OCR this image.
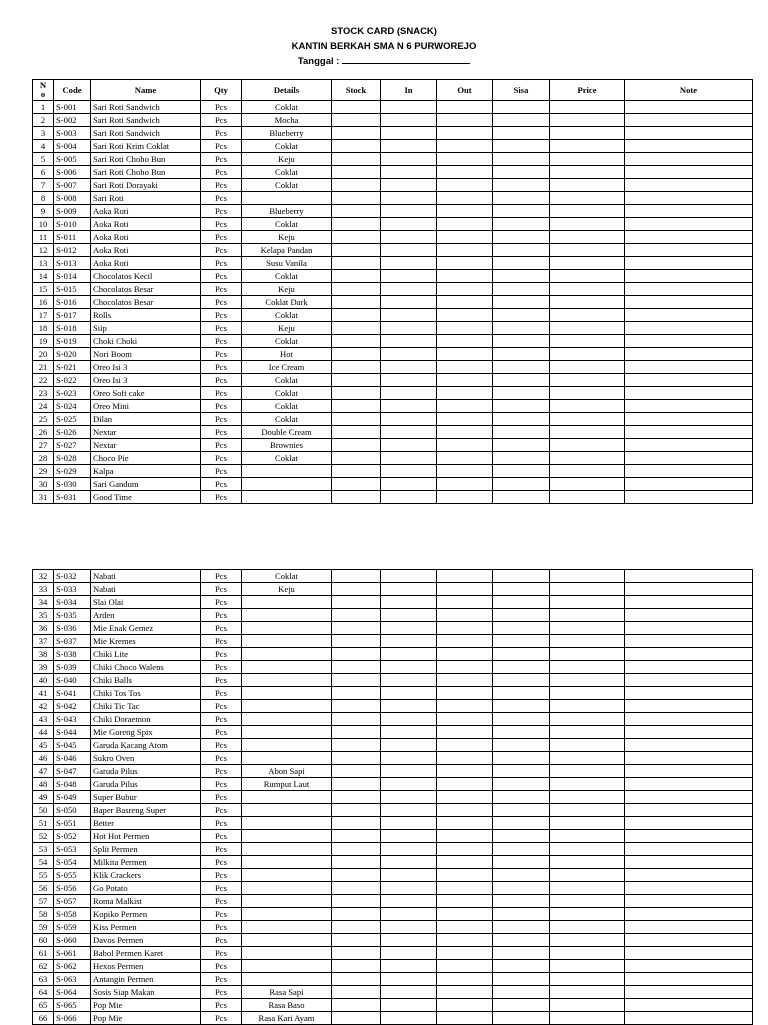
STOCK CARD (SNACK)
KANTIN BERKAH SMA N 6 PURWOREJO
Tanggal :
N
o	Code	Name	Qty	Details	Stock	In	Out	Sisa	Price	Note
1	S-001	Sari Roti Sandwich	Pcs	Coklat						
2	S-002	Sari Roti Sandwich	Pcs	Mocha						
3	S-003	Sari Roti Sandwich	Pcs	Blueberry						
4	S-004	Sari Roti Krim Coklat	Pcs	Coklat						
5	S-005	Sari Roti Choho Bun	Pcs	Keju						
6	S-006	Sari Roti Choho Bun	Pcs	Coklat						
7	S-007	Sari Roti Dorayaki	Pcs	Coklat						
8	S-008	Sari Roti	Pcs							
9	S-009	Aoka Roti	Pcs	Blueberry						
10	S-010	Aoka Roti	Pcs	Coklat						
11	S-011	Aoka Roti	Pcs	Keju						
12	S-012	Aoka Roti	Pcs	Kelapa Pandan						
13	S-013	Aoka Roti	Pcs	Susu Vanila						
14	S-014	Chocolatos Kecil	Pcs	Coklat						
15	S-015	Chocolatos Besar	Pcs	Keju						
16	S-016	Chocolatos Besar	Pcs	Coklat Dark						
17	S-017	Rolls	Pcs	Coklat						
18	S-018	Siip	Pcs	Keju						
19	S-019	Choki Choki	Pcs	Coklat						
20	S-020	Nori Boom	Pcs	Hot						
21	S-021	Oreo Isi 3	Pcs	Ice Cream						
22	S-022	Oreo Isi 3	Pcs	Coklat						
23	S-023	Oreo Soft cake	Pcs	Coklat						
24	S-024	Oreo Mini	Pcs	Coklat						
25	S-025	Dilan	Pcs	Coklat						
26	S-026	Nextar	Pcs	Double Cream						
27	S-027	Nextar	Pcs	Brownies						
28	S-028	Choco Pie	Pcs	Coklat						
29	S-029	Kalpa	Pcs							
30	S-030	Sari Gandum	Pcs							
31	S-031	Good Time	Pcs							
32	S-032	Nabati	Pcs	Coklat						
33	S-033	Nabati	Pcs	Keju						
34	S-034	Slai Olai	Pcs							
35	S-035	Arden	Pcs							
36	S-036	Mie Enak Gemez	Pcs							
37	S-037	Mie Kremes	Pcs							
38	S-038	Chiki Lite	Pcs							
39	S-039	Chiki Choco Walens	Pcs							
40	S-040	Chiki Balls	Pcs							
41	S-041	Chiki Tos Tos	Pcs							
42	S-042	Chiki Tic Tac	Pcs							
43	S-043	Chiki Doraemon	Pcs							
44	S-044	Mie Goreng Spix	Pcs							
45	S-045	Garuda Kacang Atom	Pcs							
46	S-046	Sukro Oven	Pcs							
47	S-047	Garuda Pilus	Pcs	Abon Sapi						
48	S-048	Garuda Pilus	Pcs	Rumput Laut						
49	S-049	Super Bubur	Pcs							
50	S-050	Baper Basreng Super	Pcs							
51	S-051	Better	Pcs							
52	S-052	Hot Hot Permen	Pcs							
53	S-053	Split Permen	Pcs							
54	S-054	Milkita Permen	Pcs							
55	S-055	Klik Crackers	Pcs							
56	S-056	Go Potato	Pcs							
57	S-057	Roma Malkist	Pcs							
58	S-058	Kopiko Permen	Pcs							
59	S-059	Kiss Permen	Pcs							
60	S-060	Davos Permen	Pcs							
61	S-061	Babol Permen Karet	Pcs							
62	S-062	Hexos Permen	Pcs							
63	S-063	Antangin Permen	Pcs							
64	S-064	Sosis Siap Makan	Pcs	Rasa Sapi						
65	S-065	Pop Mie	Pcs	Rasa Baso						
66	S-066	Pop Mie	Pcs	Rasa Kari Ayam						
